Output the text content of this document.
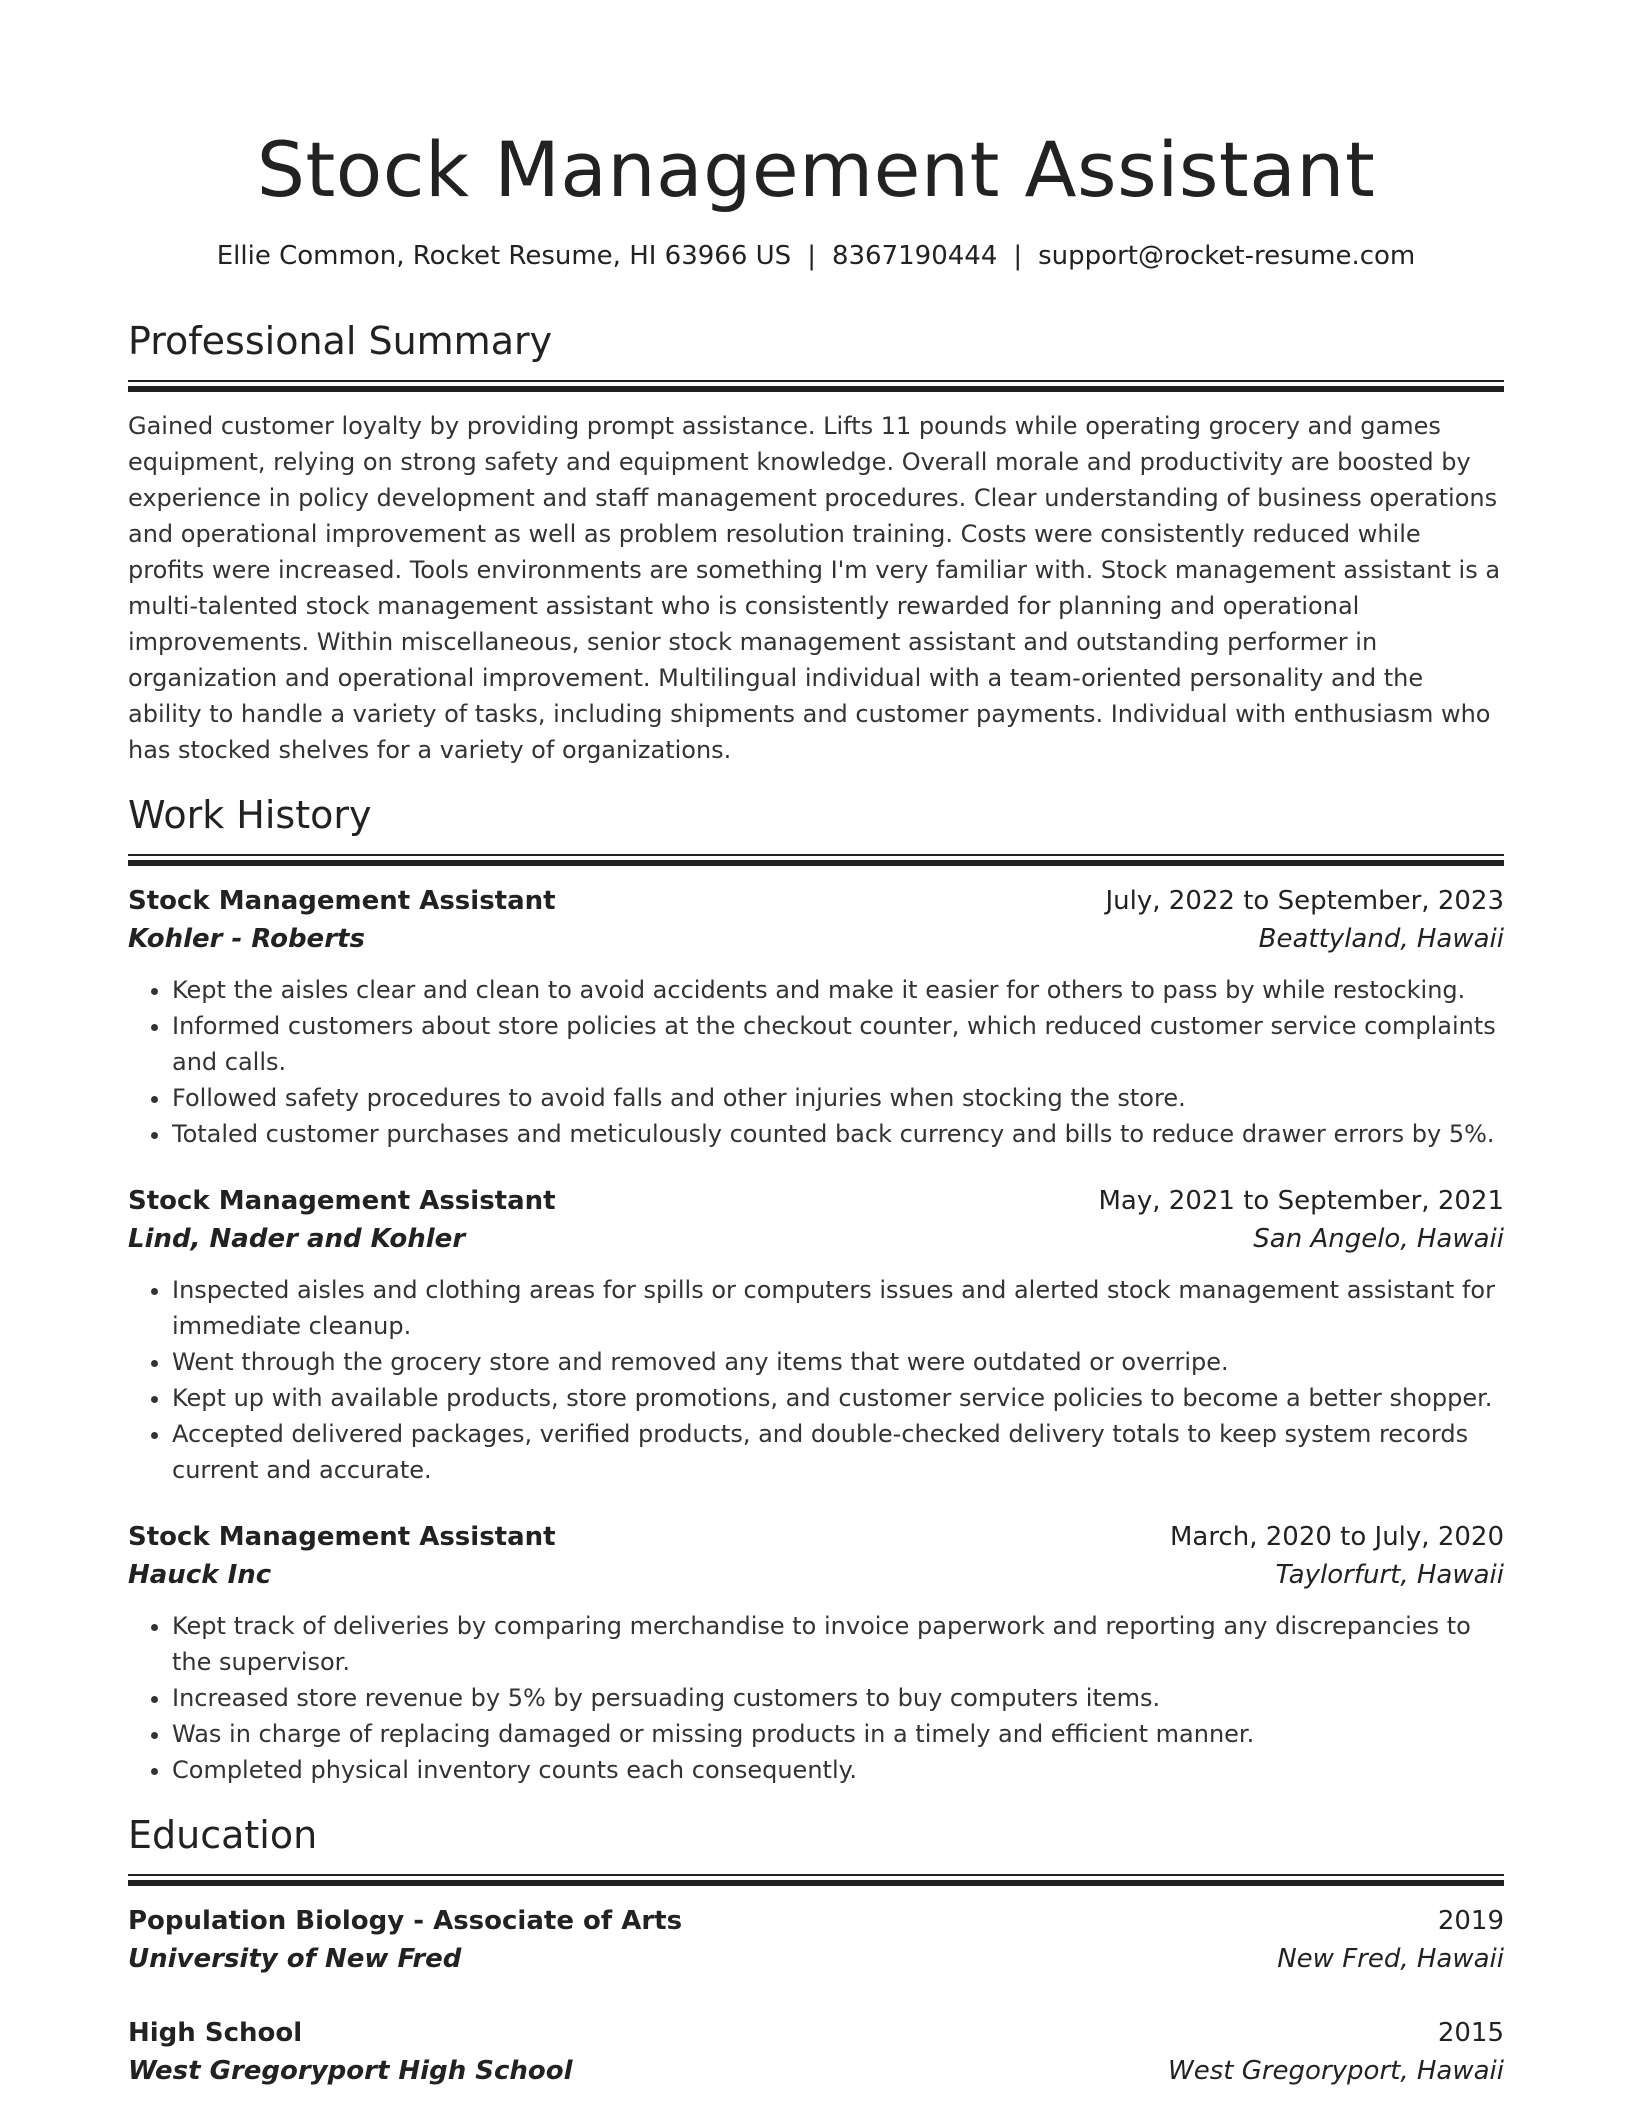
Stock Management Assistant
Ellie Common, Rocket Resume, HI 63966 US | 8367190444 | support@rocket-resume.com
Professional Summary

Gained customer loyalty by providing prompt assistance. Lifts 11 pounds while operating grocery and games equipment, relying on strong safety and equipment knowledge. Overall morale and productivity are boosted by experience in policy development and staff management procedures. Clear understanding of business operations and operational improvement as well as problem resolution training. Costs were consistently reduced while profits were increased. Tools environments are something I'm very familiar with. Stock management assistant is a multi-talented stock management assistant who is consistently rewarded for planning and operational improvements. Within miscellaneous, senior stock management assistant and outstanding performer in organization and operational improvement. Multilingual individual with a team-oriented personality and the ability to handle a variety of tasks, including shipments and customer payments. Individual with enthusiasm who has stocked shelves for a variety of organizations.

Work History
Stock Management Assistant	July, 2022 to September, 2023
Kohler - Roberts	Beattyland, Hawaii
• Kept the aisles clear and clean to avoid accidents and make it easier for others to pass by while restocking.
• Informed customers about store policies at the checkout counter, which reduced customer service complaints and calls.
• Followed safety procedures to avoid falls and other injuries when stocking the store.
• Totaled customer purchases and meticulously counted back currency and bills to reduce drawer errors by 5%.
Stock Management Assistant	May, 2021 to September, 2021
Lind, Nader and Kohler	San Angelo, Hawaii
• Inspected aisles and clothing areas for spills or computers issues and alerted stock management assistant for immediate cleanup.
• Went through the grocery store and removed any items that were outdated or overripe.
• Kept up with available products, store promotions, and customer service policies to become a better shopper.
• Accepted delivered packages, verified products, and double-checked delivery totals to keep system records current and accurate.
Stock Management Assistant	March, 2020 to July, 2020
Hauck Inc	Taylorfurt, Hawaii
• Kept track of deliveries by comparing merchandise to invoice paperwork and reporting any discrepancies to the supervisor.
• Increased store revenue by 5% by persuading customers to buy computers items.
• Was in charge of replacing damaged or missing products in a timely and efficient manner.
• Completed physical inventory counts each consequently.
Education
Population Biology - Associate of Arts	2019
University of New Fred	New Fred, Hawaii
High School	2015
West Gregoryport High School	West Gregoryport, Hawaii
